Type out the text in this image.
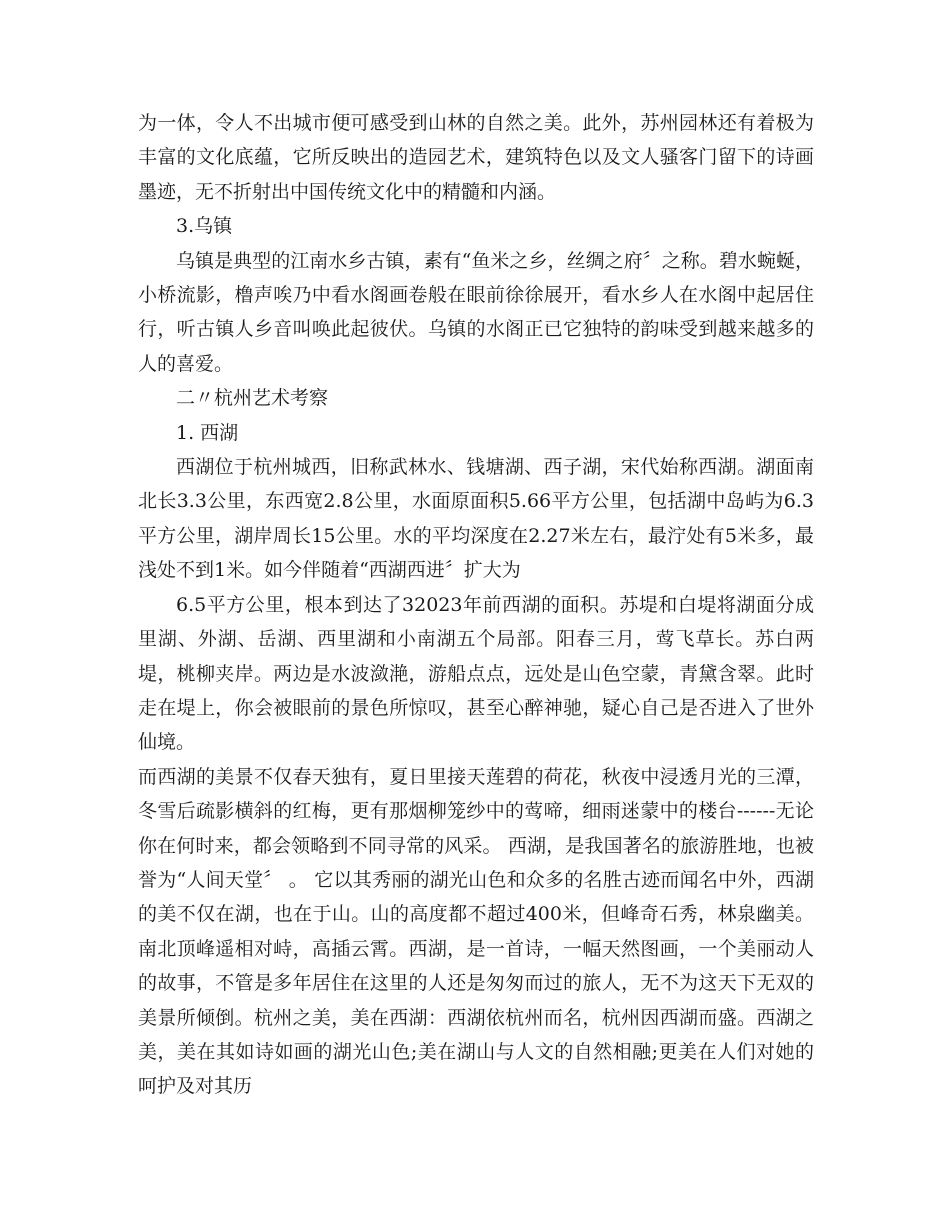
为一体，令人不出城市便可感受到山林的自然之美。此外，苏州园林还有着极为丰富的文化底蕴，它所反映出的造园艺术，建筑特色以及文人骚客门留下的诗画墨迹，无不折射出中国传统文化中的精髓和内涵。

3.乌镇

乌镇是典型的江南水乡古镇，素有“鱼米之乡，丝绸之府〞之称。碧水蜿蜒，小桥流影，橹声唉乃中看水阁画卷般在眼前徐徐展开，看水乡人在水阁中起居住行，听古镇人乡音叫唤此起彼伏。乌镇的水阁正已它独特的韵味受到越来越多的人的喜爱。

二〃杭州艺术考察

1. 西湖

西湖位于杭州城西，旧称武林水、钱塘湖、西子湖，宋代始称西湖。湖面南北长3.3公里，东西宽2.8公里，水面原面积5.66平方公里，包括湖中岛屿为6.3平方公里，湖岸周长15公里。水的平均深度在2.27米左右，最泞处有5米多，最浅处不到1米。如今伴随着“西湖西进〞扩大为

6.5平方公里，根本到达了32023年前西湖的面积。苏堤和白堤将湖面分成里湖、外湖、岳湖、西里湖和小南湖五个局部。阳春三月，莺飞草长。苏白两堤，桃柳夹岸。两边是水波潋滟，游船点点，远处是山色空蒙，青黛含翠。此时走在堤上，你会被眼前的景色所惊叹，甚至心醉神驰，疑心自己是否进入了世外仙境。

而西湖的美景不仅春天独有，夏日里接天莲碧的荷花，秋夜中浸透月光的三潭，冬雪后疏影横斜的红梅，更有那烟柳笼纱中的莺啼，细雨迷蒙中的楼台------无论你在何时来，都会领略到不同寻常的风采。 西湖，是我国著名的旅游胜地，也被誉为“人间天堂〞 。 它以其秀丽的湖光山色和众多的名胜古迹而闻名中外，西湖的美不仅在湖，也在于山。山的高度都不超过400米，但峰奇石秀，林泉幽美。南北顶峰遥相对峙，高插云霄。西湖，是一首诗，一幅天然图画，一个美丽动人的故事，不管是多年居住在这里的人还是匆匆而过的旅人，无不为这天下无双的美景所倾倒。杭州之美，美在西湖：西湖依杭州而名，杭州因西湖而盛。西湖之美，美在其如诗如画的湖光山色;美在湖山与人文的自然相融;更美在人们对她的呵护及对其历
